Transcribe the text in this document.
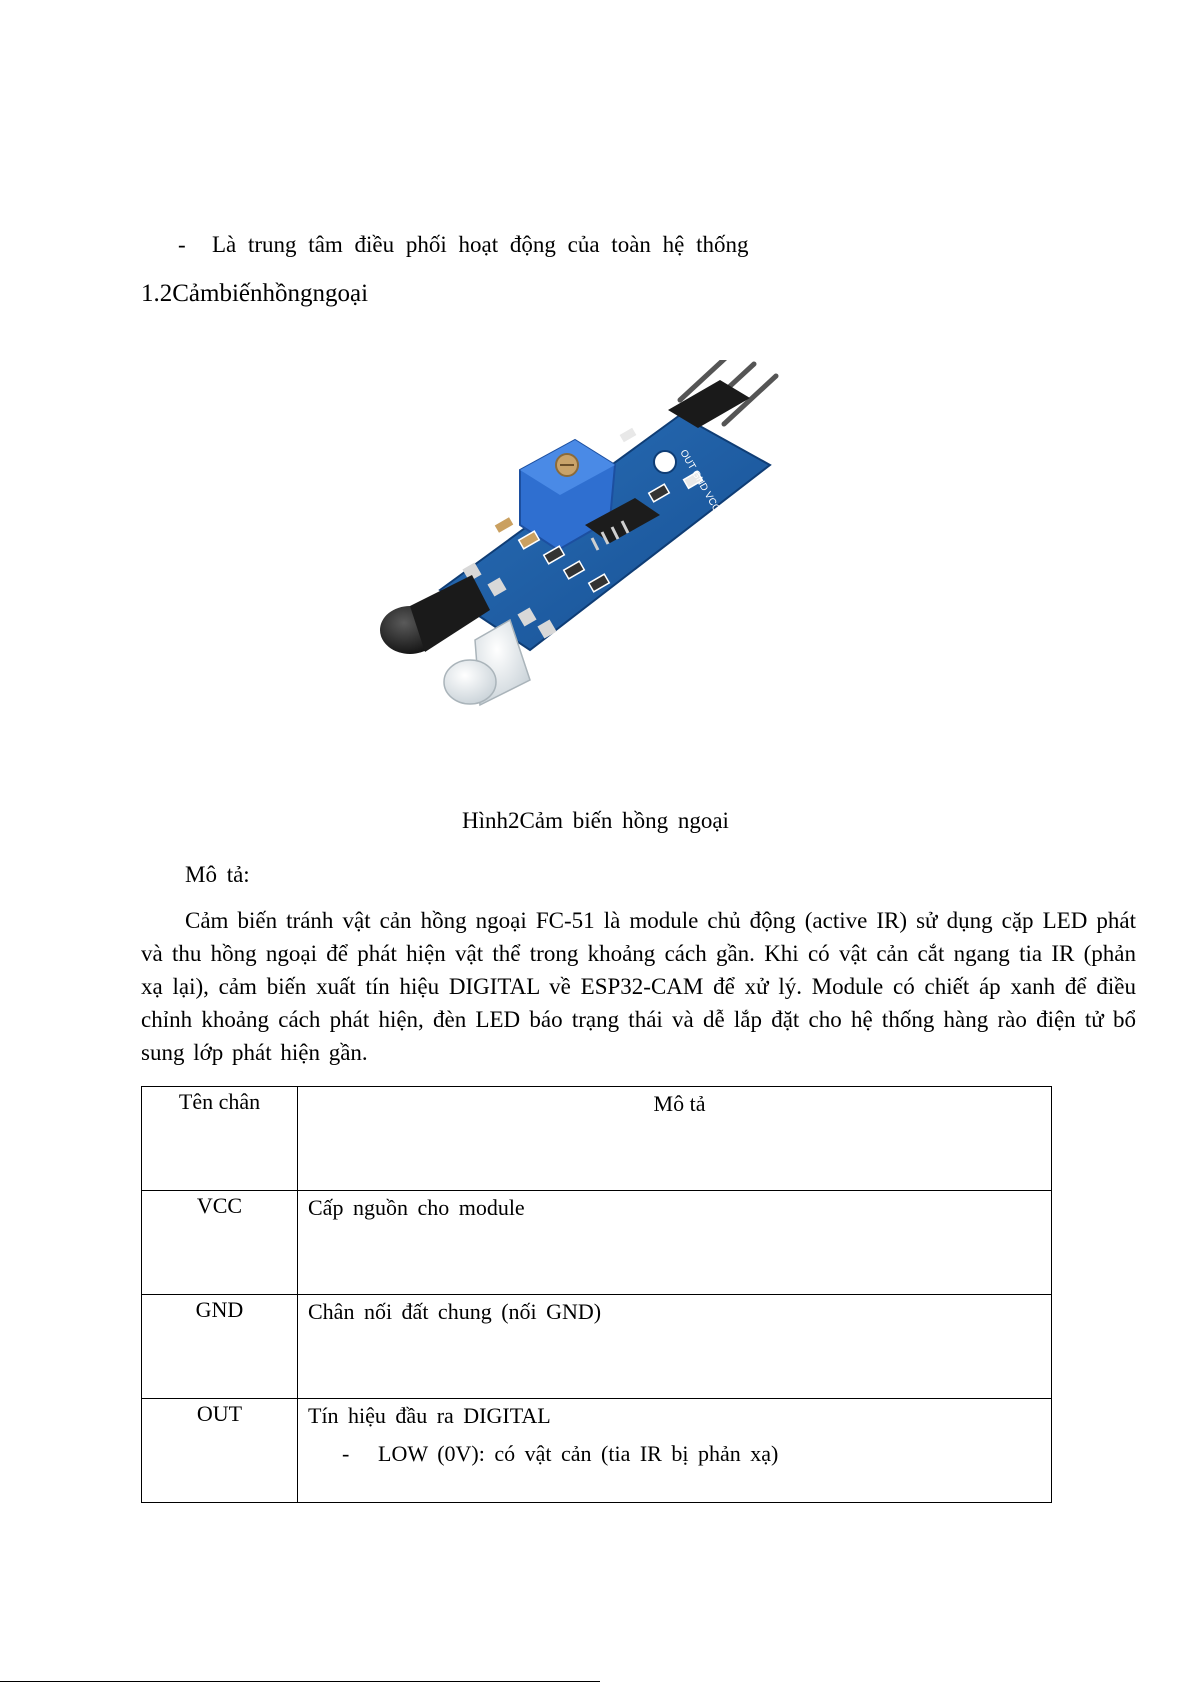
- Là trung tâm điều phối hoạt động của toàn hệ thống
1.2Cảmbiếnhồngngoại
FC-51
OUT GND VCC
Hình2Cảm biến hồng ngoại
Mô tả:
Cảm biến tránh vật cản hồng ngoại FC-51 là module chủ động (active IR) sử dụng cặp LED phát và thu hồng ngoại để phát hiện vật thể trong khoảng cách gần. Khi có vật cản cắt ngang tia IR (phản xạ lại), cảm biến xuất tín hiệu DIGITAL về ESP32-CAM để xử lý. Module có chiết áp xanh để điều chỉnh khoảng cách phát hiện, đèn LED báo trạng thái và dễ lắp đặt cho hệ thống hàng rào điện tử bổ sung lớp phát hiện gần.
Tên chân	Mô tả
VCC	Cấp nguồn cho module
GND	Chân nối đất chung (nối GND)
OUT	Tín hiệu đầu ra DIGITAL
- LOW (0V): có vật cản (tia IR bị phản xạ)
